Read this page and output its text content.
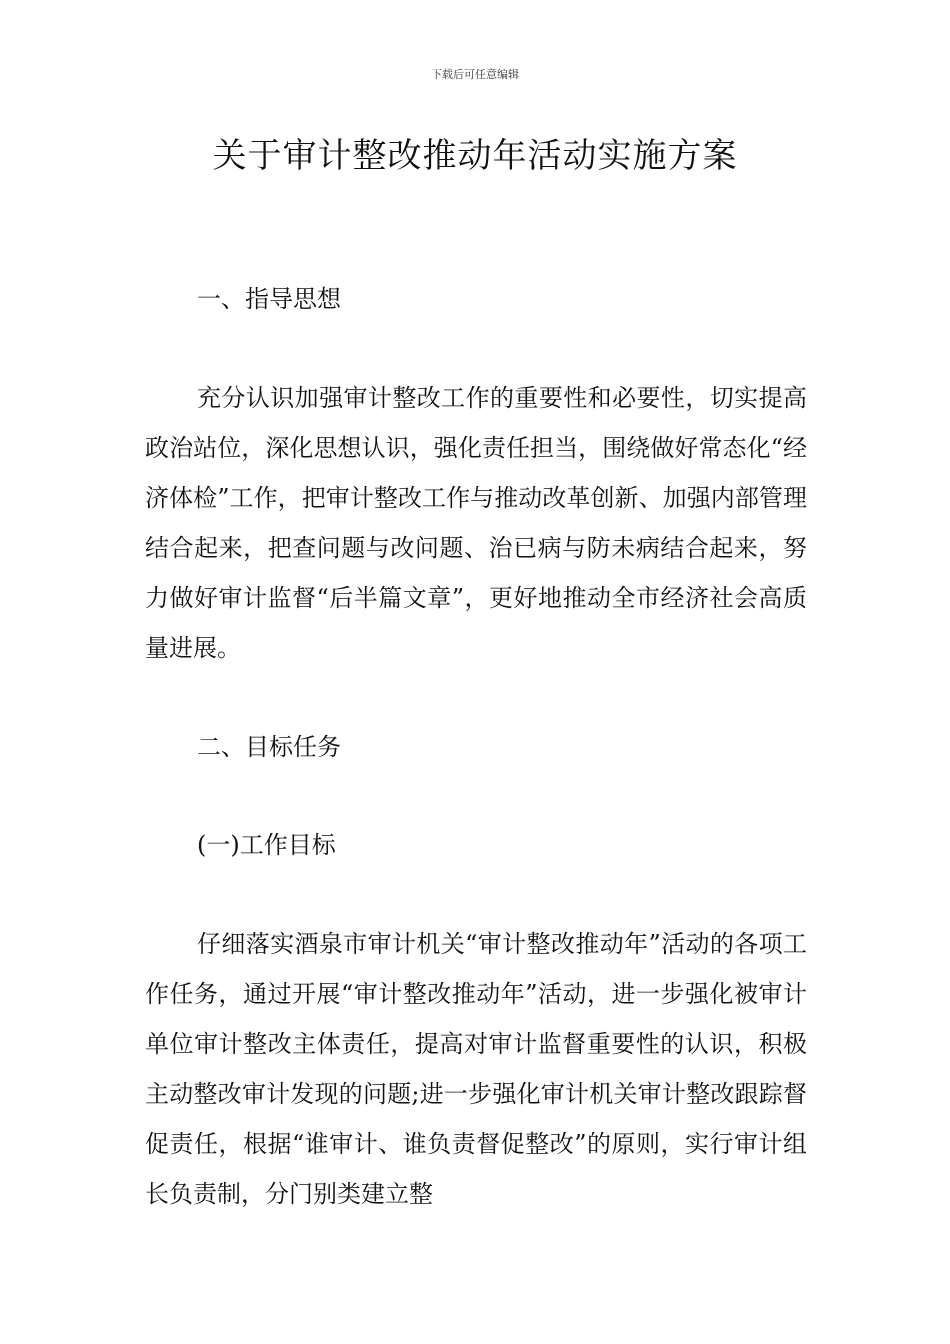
下载后可任意编辑
关于审计整改推动年活动实施方案
一、指导思想
充分认识加强审计整改工作的重要性和必要性，切实提高政治站位，深化思想认识，强化责任担当，围绕做好常态化“经济体检”工作，把审计整改工作与推动改革创新、加强内部管理结合起来，把查问题与改问题、治已病与防未病结合起来，努力做好审计监督“后半篇文章”，更好地推动全市经济社会高质量进展。
二、目标任务
(一)工作目标
仔细落实酒泉市审计机关“审计整改推动年”活动的各项工作任务，通过开展“审计整改推动年”活动，进一步强化被审计单位审计整改主体责任，提高对审计监督重要性的认识，积极主动整改审计发现的问题;进一步强化审计机关审计整改跟踪督促责任，根据“谁审计、谁负责督促整改”的原则，实行审计组长负责制，分门别类建立整
